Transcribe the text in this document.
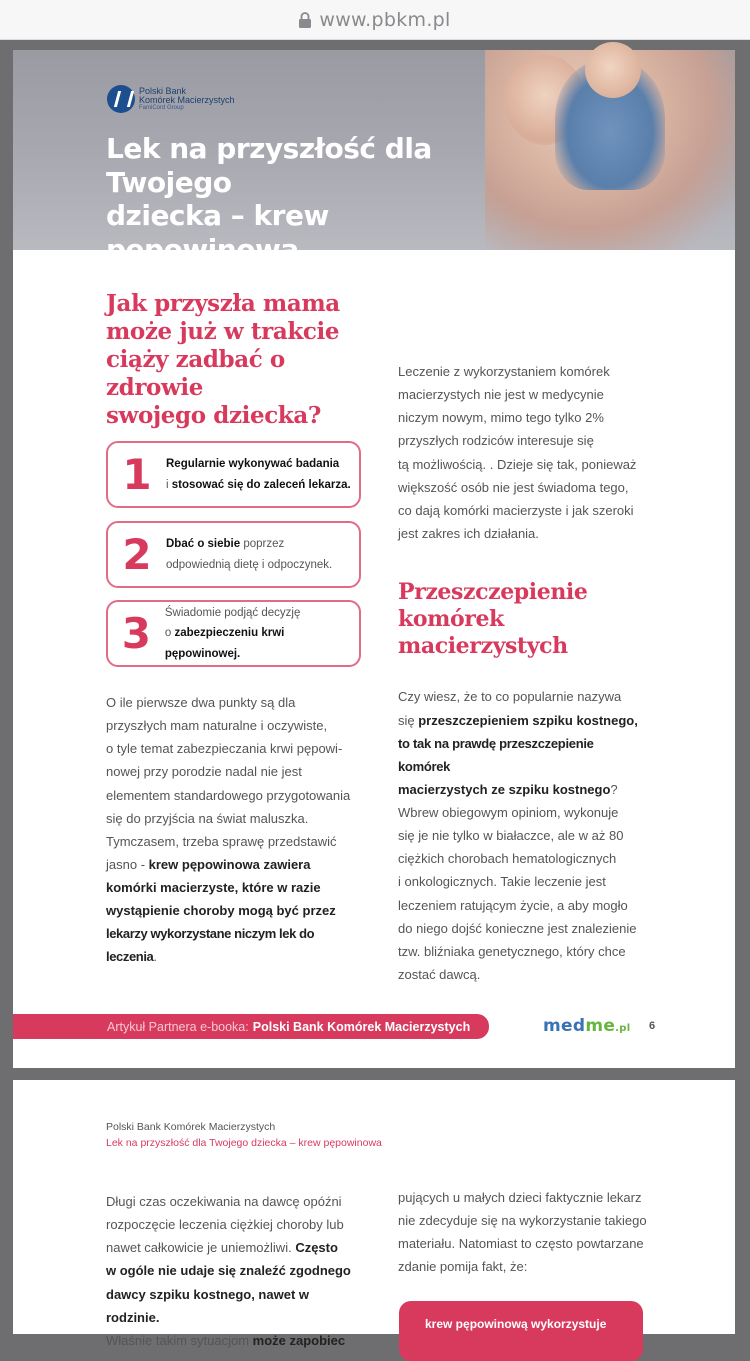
www.pbkm.pl
Polski Bank
Komórek Macierzystych
FamiCord Group
Lek na przyszłość dla Twojego
dziecka – krew pępowinowa
Jak przyszła mama
może już w trakcie
ciąży zadbać o zdrowie
swojego dziecka?
1	Regularnie wykonywać badania
i stosować się do zaleceń lekarza.
2	Dbać o siebie poprzez
odpowiednią dietę i odpoczynek.
3	Świadomie podjąć decyzję
o zabezpieczeniu krwi pępowinowej.
O ile pierwsze dwa punkty są dla
przyszłych mam naturalne i oczywiste,
o tyle temat zabezpieczania krwi pępowi-
nowej przy porodzie nadal nie jest
elementem standardowego przygotowania
się do przyjścia na świat maluszka.
Tymczasem, trzeba sprawę przedstawić
jasno - krew pępowinowa zawiera
komórki macierzyste, które w razie
wystąpienie choroby mogą być przez
lekarzy wykorzystane niczym lek do leczenia.
Leczenie z wykorzystaniem komórek
macierzystych nie jest w medycynie
niczym nowym, mimo tego tylko 2%
przyszłych rodziców interesuje się
tą możliwością. . Dzieje się tak, ponieważ
większość osób nie jest świadoma tego,
co dają komórki macierzyste i jak szeroki
jest zakres ich działania.
Przeszczepienie
komórek macierzystych
Czy wiesz, że to co popularnie nazywa
się przeszczepieniem szpiku kostnego,
to tak na prawdę przeszczepienie komórek
macierzystych ze szpiku kostnego?
Wbrew obiegowym opiniom, wykonuje
się je nie tylko w białaczce, ale w aż 80
ciężkich chorobach hematologicznych
i onkologicznych. Takie leczenie jest
leczeniem ratującym życie, a aby mogło
do niego dojść konieczne jest znalezienie
tzw. bliźniaka genetycznego, który chce
zostać dawcą.
Artykuł Partnera e-booka: Polski Bank Komórek Macierzystych	medme.pl 6
Polski Bank Komórek Macierzystych
Lek na przyszłość dla Twojego dziecka – krew pępowinowa
Długi czas oczekiwania na dawcę opóźni
rozpoczęcie leczenia ciężkiej choroby lub
nawet całkowicie je uniemożliwi. Często
w ogóle nie udaje się znaleźć zgodnego
dawcy szpiku kostnego, nawet w rodzinie.
Właśnie takim sytuacjom może zapobiec
pujących u małych dzieci faktycznie lekarz
nie zdecyduje się na wykorzystanie takiego
materiału. Natomiast to często powtarzane
zdanie pomija fakt, że:
krew pępowinową wykorzystuje
